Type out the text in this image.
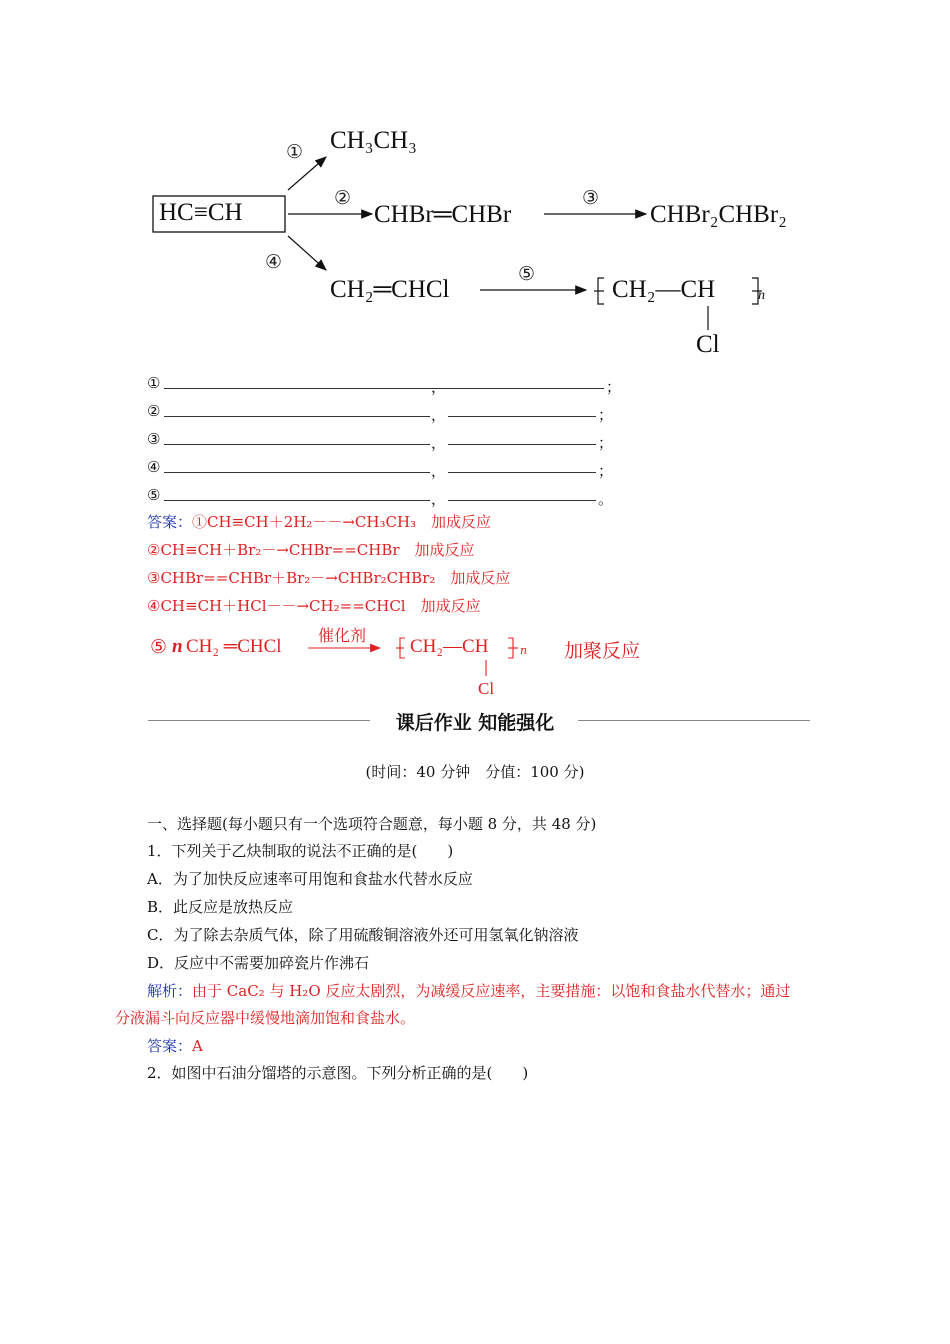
HC≡CH
①
②	③
④
⑤
CH₃CH₃
CHBr═CHBr	CHBr₂CHBr₂
CH₂═CHCl	CH₂—CH	n
Cl
①	，	；
②	，	；
③	，	；
④	，	；
⑤	，	。
答案：①CH≡CH＋2H₂－－→CH₃CH₃　加成反应
②CH≡CH＋Br₂－→CHBr==CHBr　加成反应
③CHBr==CHBr＋Br₂－→CHBr₂CHBr₂　加成反应
④CH≡CH＋HCl－－→CH₂==CHCl　加成反应
⑤ n CH₂ ═CHCl
催化剂
CH₂—CH	n
Cl
加聚反应
课后作业 知能强化
(时间：40 分钟　分值：100 分)
一、选择题(每小题只有一个选项符合题意，每小题 8 分，共 48 分)
1．下列关于乙炔制取的说法不正确的是(　　)
A．为了加快反应速率可用饱和食盐水代替水反应
B．此反应是放热反应
C．为了除去杂质气体，除了用硫酸铜溶液外还可用氢氧化钠溶液
D．反应中不需要加碎瓷片作沸石
解析：由于 CaC₂ 与 H₂O 反应太剧烈，为减缓反应速率，主要措施：以饱和食盐水代替水；通过
分液漏斗向反应器中缓慢地滴加饱和食盐水。
答案：A
2．如图中石油分馏塔的示意图。下列分析正确的是(　　)
